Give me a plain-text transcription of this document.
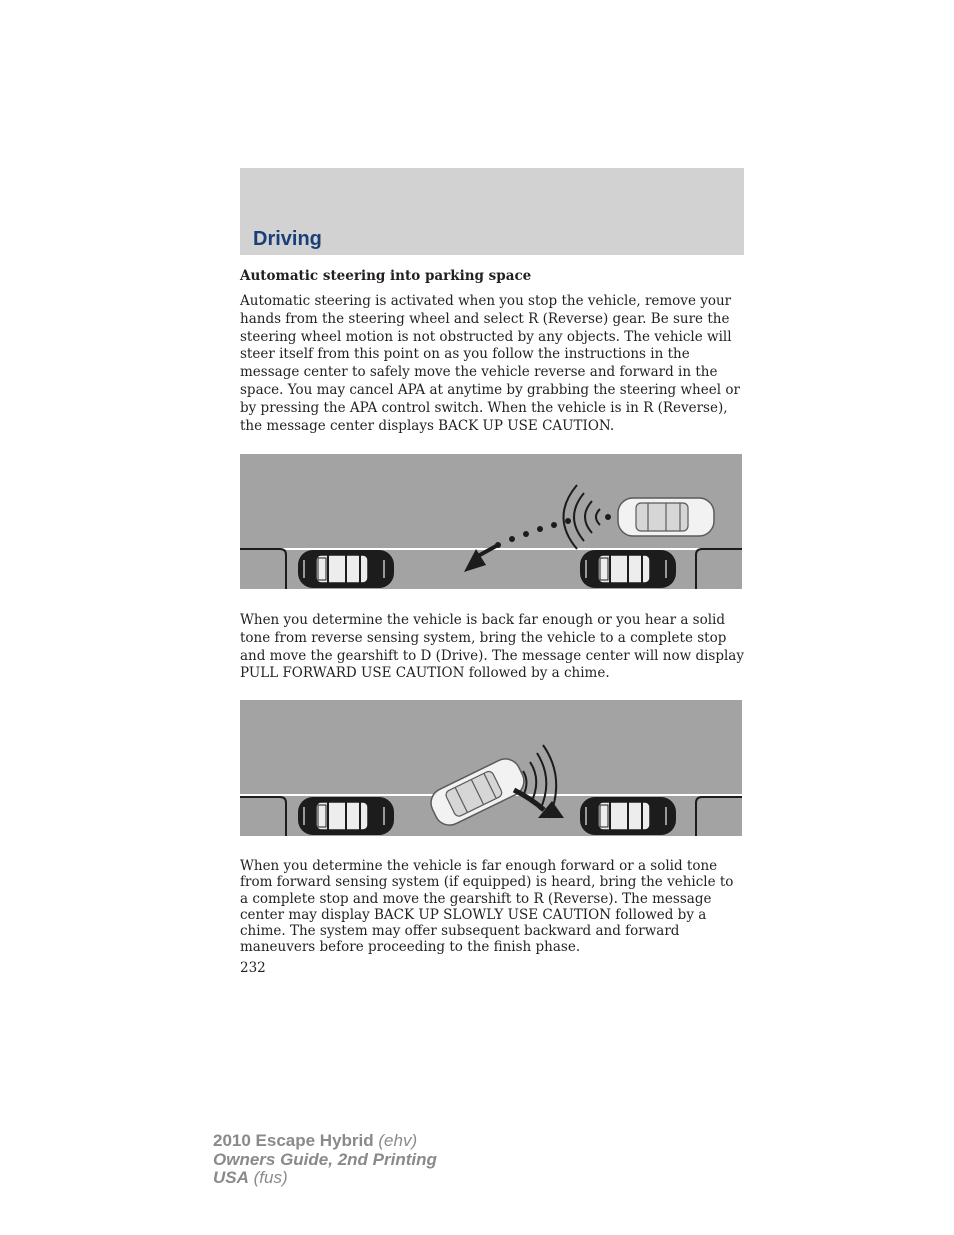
Driving

Automatic steering into parking space

Automatic steering is activated when you stop the vehicle, remove your hands from the steering wheel and select R (Reverse) gear. Be sure the steering wheel motion is not obstructed by any objects. The vehicle will steer itself from this point on as you follow the instructions in the message center to safely move the vehicle reverse and forward in the space. You may cancel APA at anytime by grabbing the steering wheel or by pressing the APA control switch. When the vehicle is in R (Reverse), the message center displays BACK UP USE CAUTION.

When you determine the vehicle is back far enough or you hear a solid tone from reverse sensing system, bring the vehicle to a complete stop and move the gearshift to D (Drive). The message center will now display PULL FORWARD USE CAUTION followed by a chime.

When you determine the vehicle is far enough forward or a solid tone from forward sensing system (if equipped) is heard, bring the vehicle to a complete stop and move the gearshift to R (Reverse). The message center may display BACK UP SLOWLY USE CAUTION followed by a chime. The system may offer subsequent backward and forward maneuvers before proceeding to the finish phase.

232

2010 Escape Hybrid (ehv)
Owners Guide, 2nd Printing
USA (fus)
